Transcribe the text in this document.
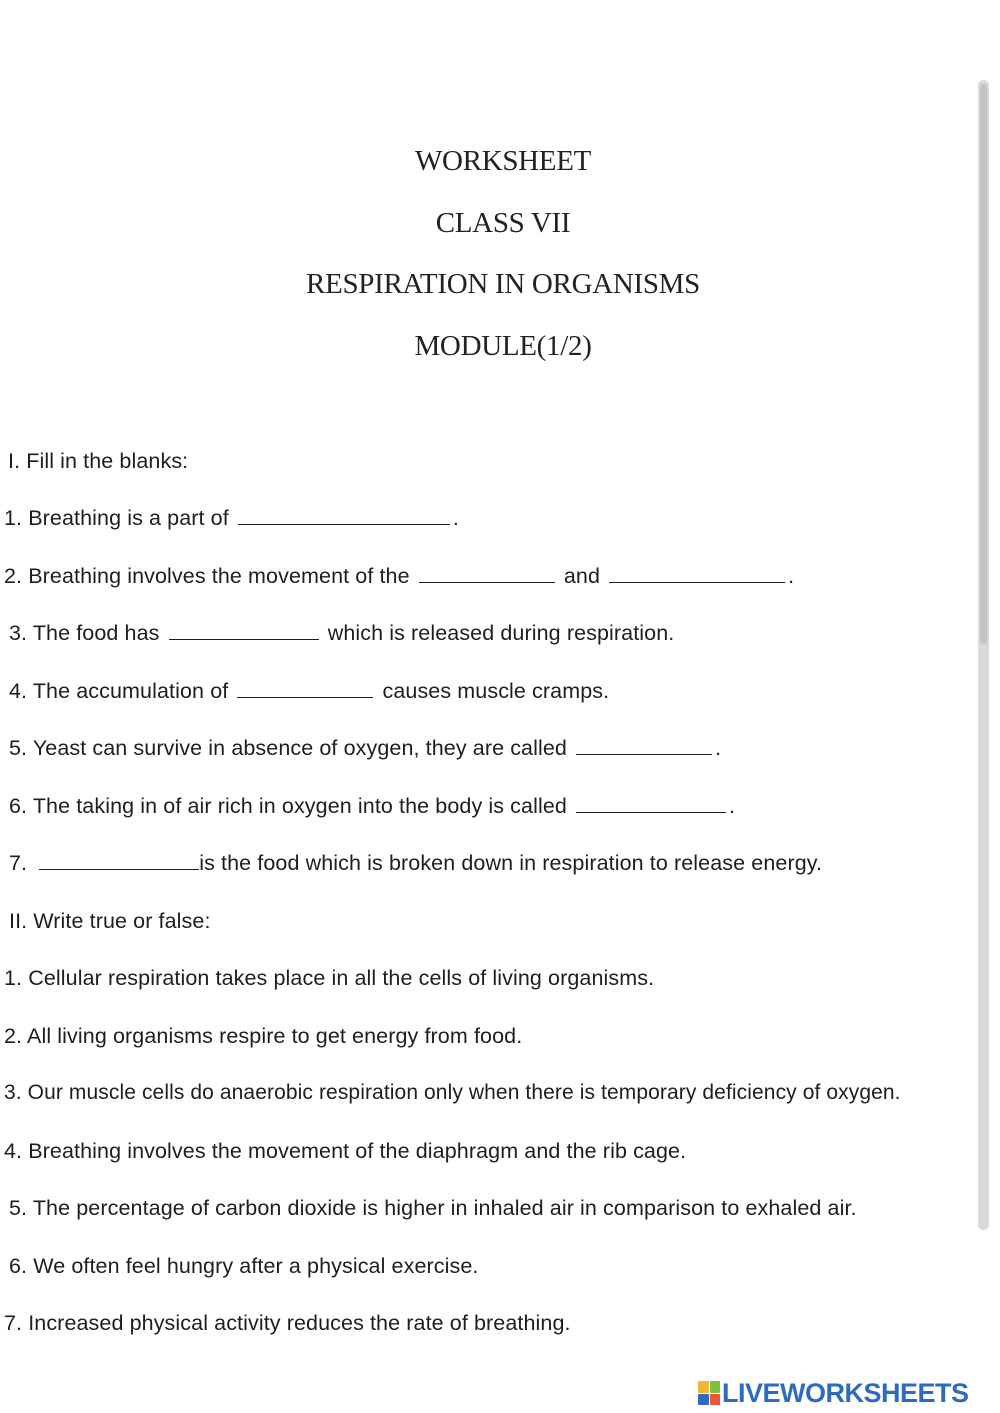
WORKSHEET
CLASS VII
RESPIRATION IN ORGANISMS
MODULE(1/2)
I. Fill in the blanks:
1. Breathing is a part of	.
2. Breathing involves the movement of the	and	.
3. The food has	which is released during respiration.
4. The accumulation of	causes muscle cramps.
5. Yeast can survive in absence of oxygen, they are called	.
6. The taking in of air rich in oxygen into the body is called	.
7.	is the food which is broken down in respiration to release energy.
II. Write true or false:
1. Cellular respiration takes place in all the cells of living organisms.
2. All living organisms respire to get energy from food.
3. Our muscle cells do anaerobic respiration only when there is temporary deficiency of oxygen.
4. Breathing involves the movement of the diaphragm and the rib cage.
5. The percentage of carbon dioxide is higher in inhaled air in comparison to exhaled air.
6. We often feel hungry after a physical exercise.
7. Increased physical activity reduces the rate of breathing.
LIVEWORKSHEETS
